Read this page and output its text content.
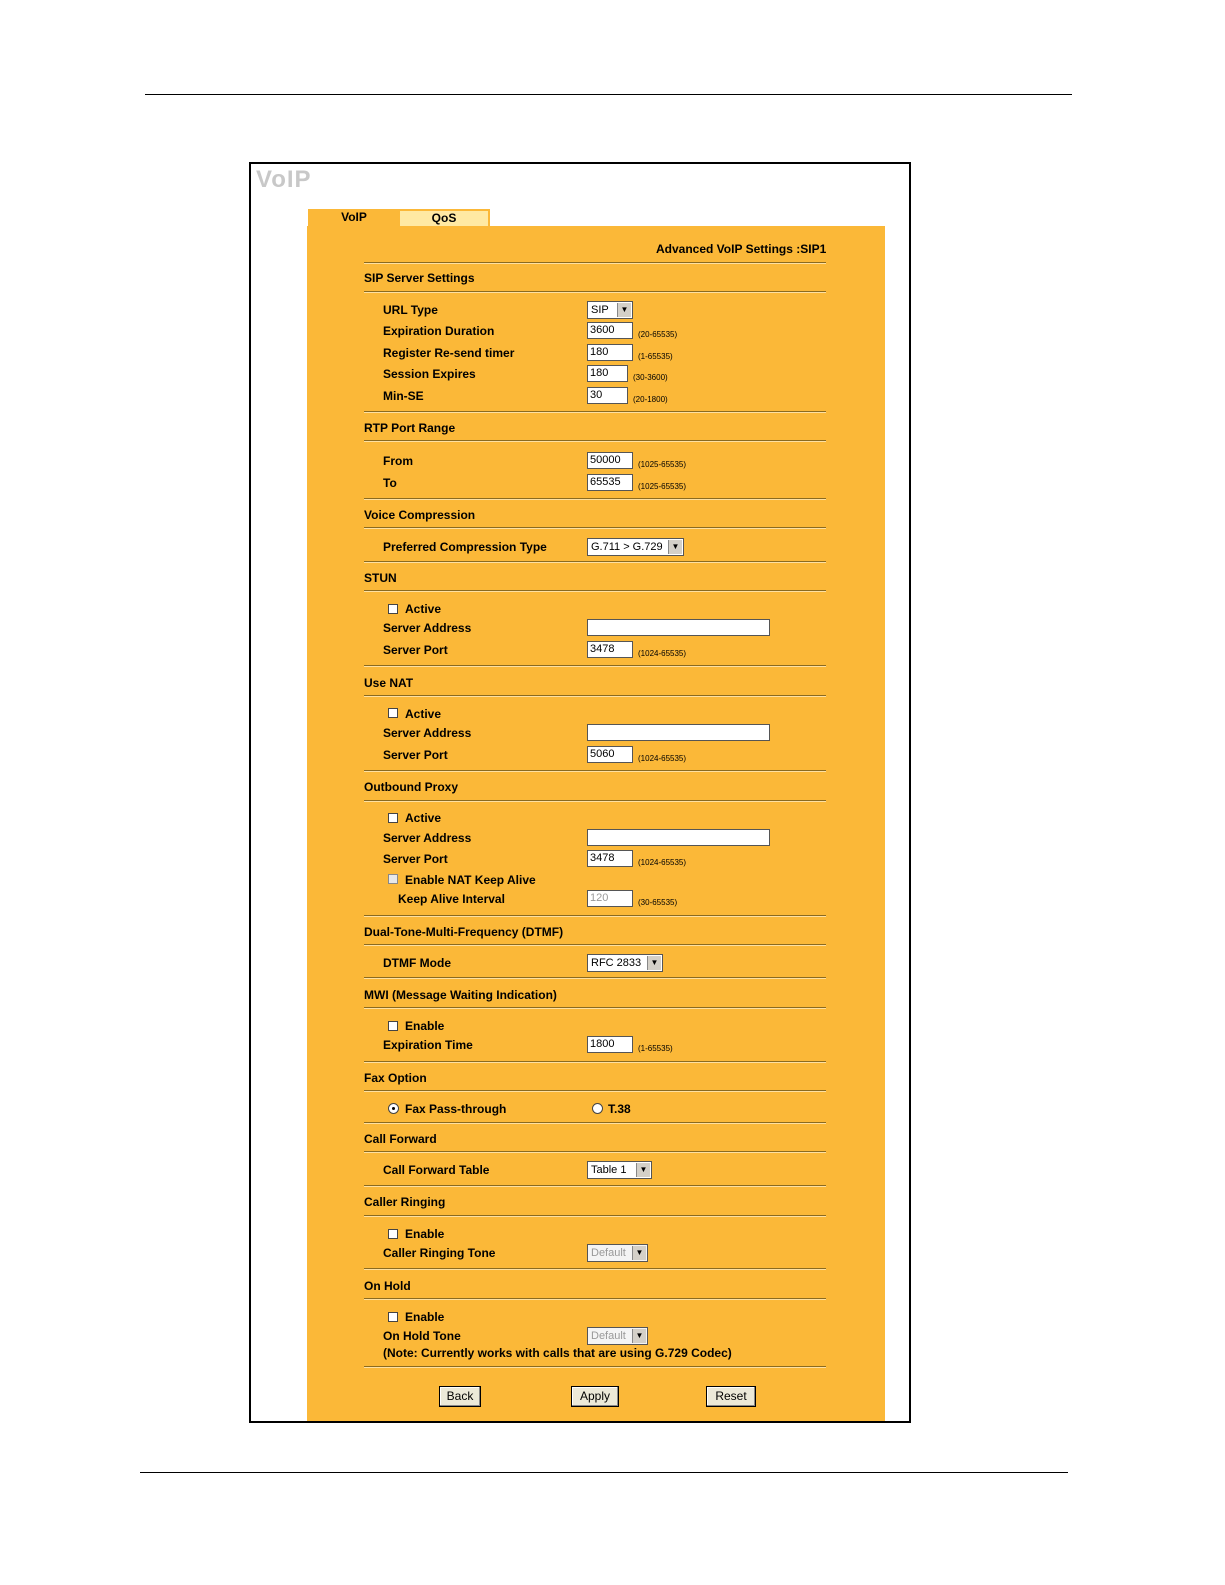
VoIP
VoIP	QoS
Advanced VoIP Settings :SIP1
SIP Server Settings
URL Type	SIP	▼
Expiration Duration	3600	(20-65535)
Register Re-send timer	180	(1-65535)
Session Expires	180	(30-3600)
Min-SE	30	(20-1800)
RTP Port Range
From	50000	(1025-65535)
To	65535	(1025-65535)
Voice Compression
Preferred Compression Type	G.711 > G.729	▼
STUN
Active
Server Address
Server Port	3478	(1024-65535)
Use NAT
Active
Server Address
Server Port	5060	(1024-65535)
Outbound Proxy
Active
Server Address
Server Port	3478	(1024-65535)
Enable NAT Keep Alive
Keep Alive Interval	120	(30-65535)
Dual-Tone-Multi-Frequency (DTMF)
DTMF Mode	RFC 2833	▼
MWI (Message Waiting Indication)
Enable
Expiration Time	1800	(1-65535)
Fax Option
Fax Pass-through	T.38
Call Forward
Call Forward Table	Table 1	▼
Caller Ringing
Enable
Caller Ringing Tone	Default	▼
On Hold
Enable
On Hold Tone	Default	▼
(Note: Currently works with calls that are using G.729 Codec)
Back	Apply	Reset
